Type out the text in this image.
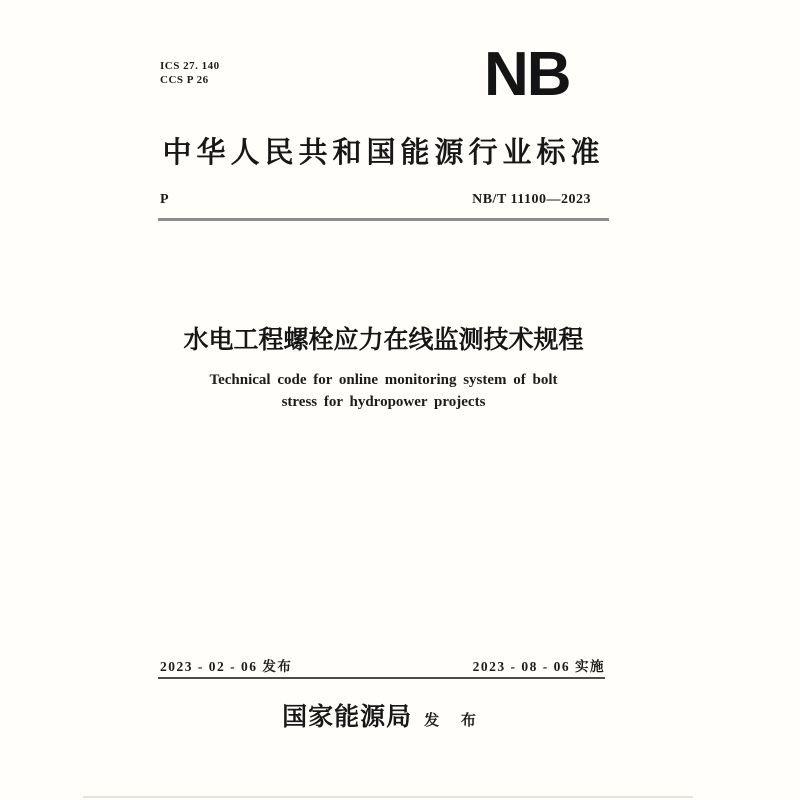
ICS 27. 140
CCS P 26	NB
中华人民共和国能源行业标准
P	NB/T 11100—2023
水电工程螺栓应力在线监测技术规程
Technical code for online monitoring system of bolt
stress for hydropower projects
2023 - 02 - 06 发布	2023 - 08 - 06 实施
国家能源局 发 布
